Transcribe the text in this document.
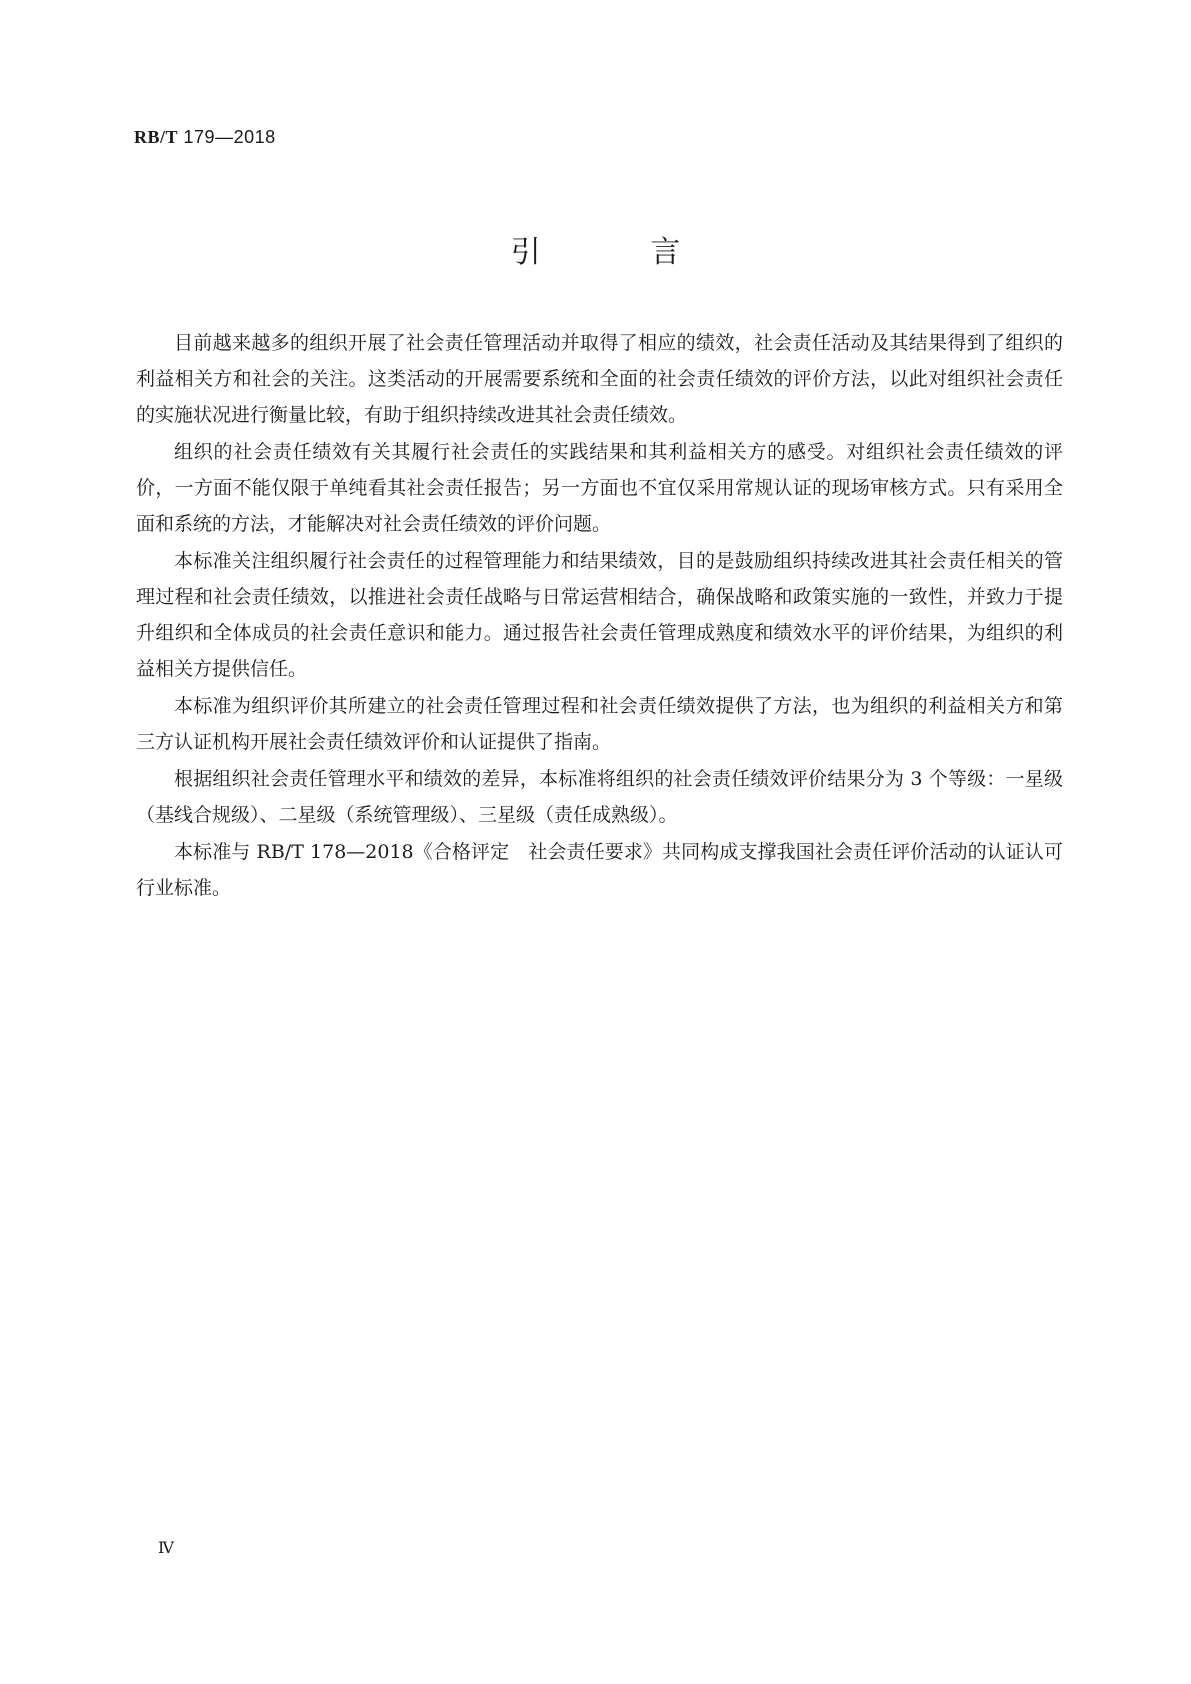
RB/T 179—2018
引 言

目前越来越多的组织开展了社会责任管理活动并取得了相应的绩效，社会责任活动及其结果得到了组织的利益相关方和社会的关注。这类活动的开展需要系统和全面的社会责任绩效的评价方法，以此对组织社会责任的实施状况进行衡量比较，有助于组织持续改进其社会责任绩效。

组织的社会责任绩效有关其履行社会责任的实践结果和其利益相关方的感受。对组织社会责任绩效的评价，一方面不能仅限于单纯看其社会责任报告；另一方面也不宜仅采用常规认证的现场审核方式。只有采用全面和系统的方法，才能解决对社会责任绩效的评价问题。

本标准关注组织履行社会责任的过程管理能力和结果绩效，目的是鼓励组织持续改进其社会责任相关的管理过程和社会责任绩效，以推进社会责任战略与日常运营相结合，确保战略和政策实施的一致性，并致力于提升组织和全体成员的社会责任意识和能力。通过报告社会责任管理成熟度和绩效水平的评价结果，为组织的利益相关方提供信任。

本标准为组织评价其所建立的社会责任管理过程和社会责任绩效提供了方法，也为组织的利益相关方和第三方认证机构开展社会责任绩效评价和认证提供了指南。

根据组织社会责任管理水平和绩效的差异，本标准将组织的社会责任绩效评价结果分为 3 个等级：一星级（基线合规级）、二星级（系统管理级）、三星级（责任成熟级）。

本标准与 RB/T 178—2018《合格评定　社会责任要求》共同构成支撑我国社会责任评价活动的认证认可行业标准。

Ⅳ
